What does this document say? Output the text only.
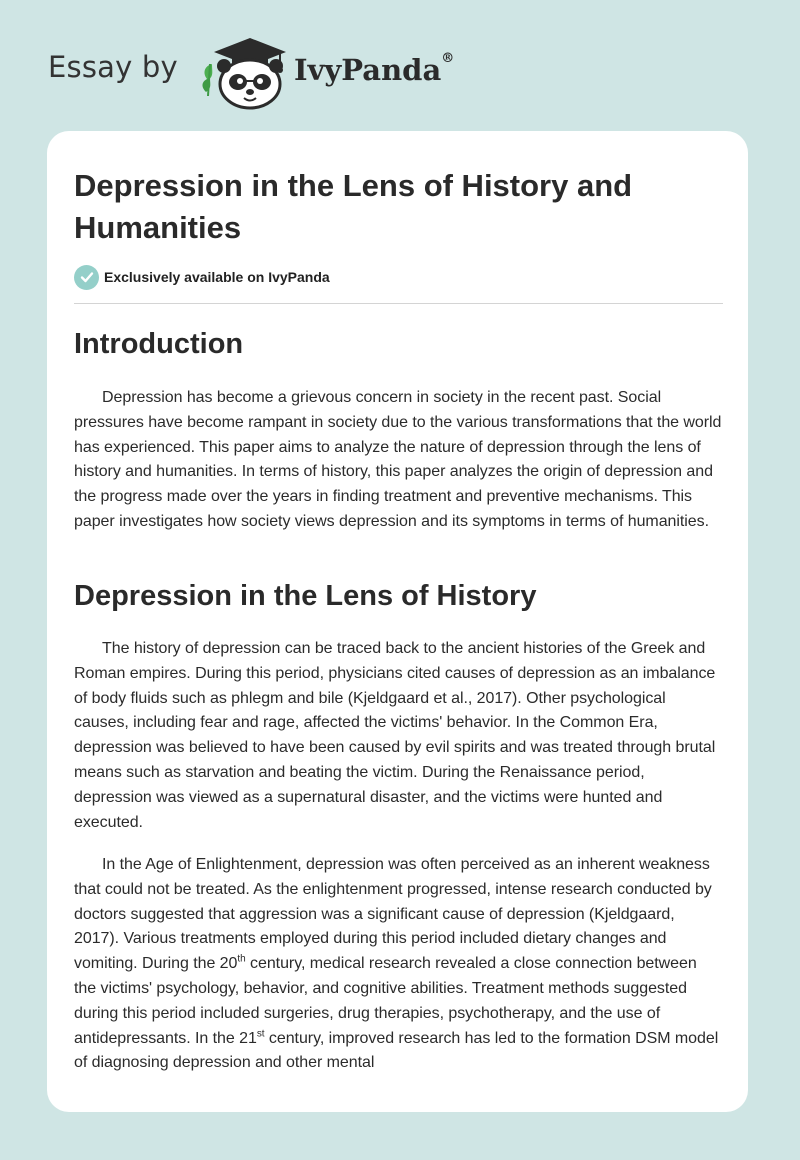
Essay by	IvyPanda®
Depression in the Lens of History and Humanities
Exclusively available on IvyPanda
Introduction

Depression has become a grievous concern in society in the recent past. Social pressures have become rampant in society due to the various transformations that the world has experienced. This paper aims to analyze the nature of depression through the lens of history and humanities. In terms of history, this paper analyzes the origin of depression and the progress made over the years in finding treatment and preventive mechanisms. This paper investigates how society views depression and its symptoms in terms of humanities.

Depression in the Lens of History

The history of depression can be traced back to the ancient histories of the Greek and Roman empires. During this period, physicians cited causes of depression as an imbalance of body fluids such as phlegm and bile (Kjeldgaard et al., 2017). Other psychological causes, including fear and rage, affected the victims' behavior. In the Common Era, depression was believed to have been caused by evil spirits and was treated through brutal means such as starvation and beating the victim. During the Renaissance period, depression was viewed as a supernatural disaster, and the victims were hunted and executed.

In the Age of Enlightenment, depression was often perceived as an inherent weakness that could not be treated. As the enlightenment progressed, intense research conducted by doctors suggested that aggression was a significant cause of depression (Kjeldgaard, 2017). Various treatments employed during this period included dietary changes and vomiting. During the 20th century, medical research revealed a close connection between the victims' psychology, behavior, and cognitive abilities. Treatment methods suggested during this period included surgeries, drug therapies, psychotherapy, and the use of antidepressants. In the 21st century, improved research has led to the formation DSM model of diagnosing depression and other mental
